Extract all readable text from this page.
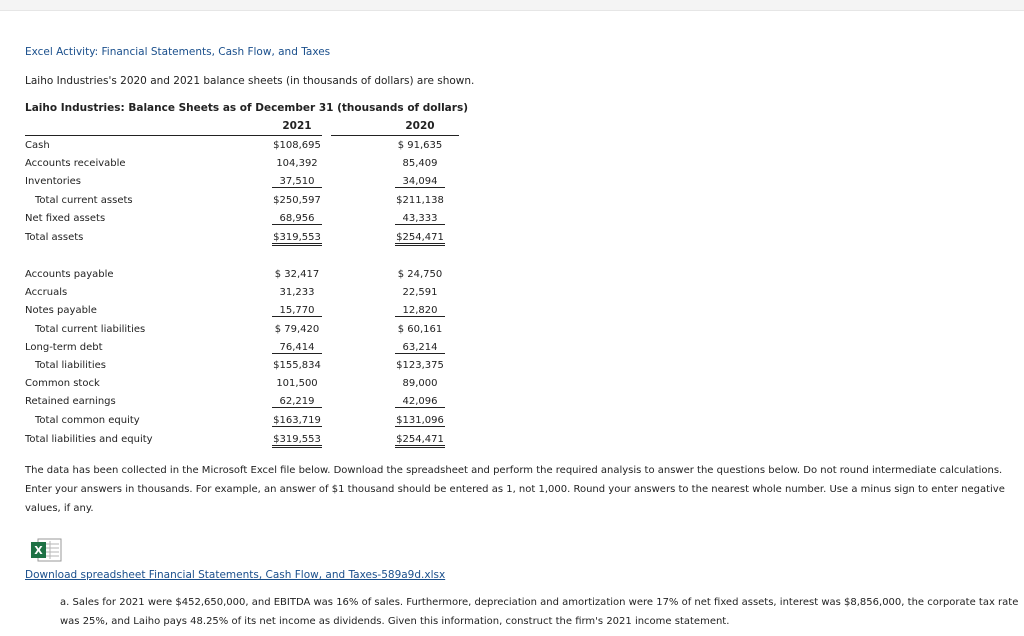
Excel Activity: Financial Statements, Cash Flow, and Taxes
Laiho Industries's 2020 and 2021 balance sheets (in thousands of dollars) are shown.
Laiho Industries: Balance Sheets as of December 31 (thousands of dollars)
2021	2020
Cash	$108,695	$ 91,635
Accounts receivable	104,392	85,409
Inventories	37,510	34,094
Total current assets	$250,597	$211,138
Net fixed assets	68,956	43,333
Total assets	$319,553	$254,471
Accounts payable	$ 32,417	$ 24,750
Accruals	31,233	22,591
Notes payable	15,770	12,820
Total current liabilities	$ 79,420	$ 60,161
Long-term debt	76,414	63,214
Total liabilities	$155,834	$123,375
Common stock	101,500	89,000
Retained earnings	62,219	42,096
Total common equity	$163,719	$131,096
Total liabilities and equity	$319,553	$254,471
The data has been collected in the Microsoft Excel file below. Download the spreadsheet and perform the required analysis to answer the questions below. Do not round intermediate calculations. Enter your answers in thousands. For example, an answer of $1 thousand should be entered as 1, not 1,000. Round your answers to the nearest whole number. Use a minus sign to enter negative values, if any.
X
Download spreadsheet Financial Statements, Cash Flow, and Taxes-589a9d.xlsx
a. Sales for 2021 were $452,650,000, and EBITDA was 16% of sales. Furthermore, depreciation and amortization were 17% of net fixed assets, interest was $8,856,000, the corporate tax rate was 25%, and Laiho pays 48.25% of its net income as dividends. Given this information, construct the firm's 2021 income statement.
